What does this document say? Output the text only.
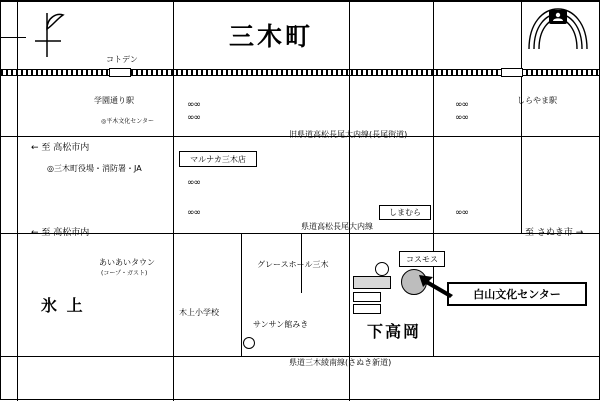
三木町
コトデン
学園通り駅	しらやま駅
∞∞
∞∞
∞∞
∞∞
∞∞	∞∞
∞∞
◎平木文化センター
◎三木町役場・消防署・JA
マルナカ三木店
しまむら
あいあいタウン
(コープ・ガスト)
グレースホール三木
コスモス
木上小学校
サンサン館みき
氷 上
下高岡
旧県道高松長尾大内線(長尾街道)
県道高松長尾大内線
県道三木綾南線(さぬき新道)
← 至 高松市内
← 至 高松市内	至 さぬき市 →
白山文化センター
